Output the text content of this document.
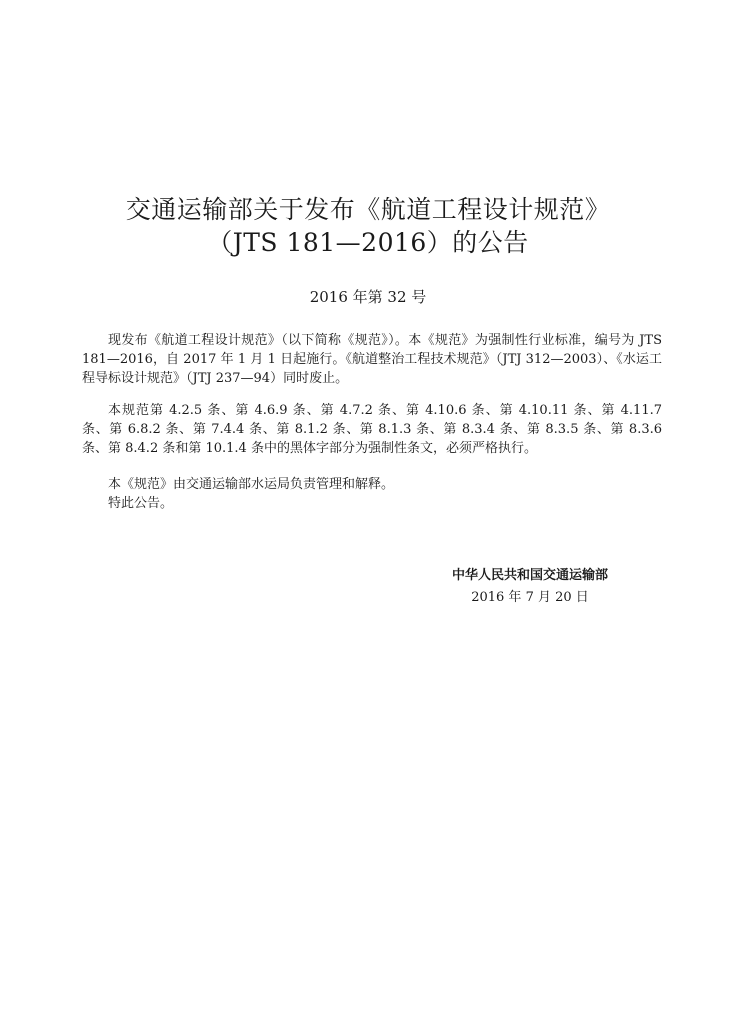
交通运输部关于发布《航道工程设计规范》
（JTS 181—2016）的公告
2016 年第 32 号

现发布《航道工程设计规范》（以下简称《规范》）。本《规范》为强制性行业标准，编号为 JTS 181—2016，自 2017 年 1 月 1 日起施行。《航道整治工程技术规范》（JTJ 312—2003）、《水运工程导标设计规范》（JTJ 237—94）同时废止。

本规范第 4.2.5 条、第 4.6.9 条、第 4.7.2 条、第 4.10.6 条、第 4.10.11 条、第 4.11.7 条、第 6.8.2 条、第 7.4.4 条、第 8.1.2 条、第 8.1.3 条、第 8.3.4 条、第 8.3.5 条、第 8.3.6 条、第 8.4.2 条和第 10.1.4 条中的黑体字部分为强制性条文，必须严格执行。

本《规范》由交通运输部水运局负责管理和解释。

特此公告。

中华人民共和国交通运输部
2016 年 7 月 20 日
